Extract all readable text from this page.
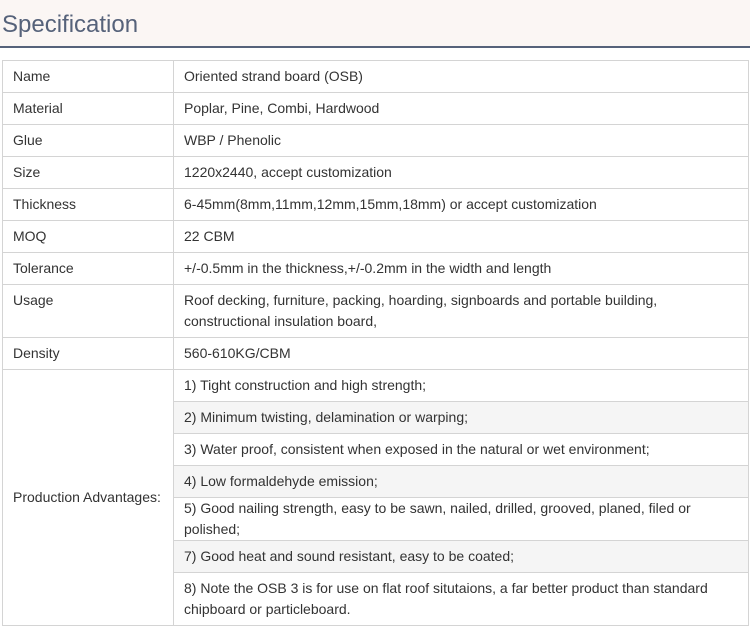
Specification
Name	Oriented strand board (OSB)
Material	Poplar, Pine, Combi, Hardwood
Glue	WBP / Phenolic
Size	1220x2440, accept customization
Thickness	6-45mm(8mm,11mm,12mm,15mm,18mm) or accept customization
MOQ	22 CBM
Tolerance	+/-0.5mm in the thickness,+/-0.2mm in the width and length
Usage	Roof decking, furniture, packing, hoarding, signboards and portable building, constructional insulation board,
Density	560-610KG/CBM
Production Advantages:	1) Tight construction and high strength;
	2) Minimum twisting, delamination or warping;
	3) Water proof, consistent when exposed in the natural or wet environment;
	4) Low formaldehyde emission;
	5) Good nailing strength, easy to be sawn, nailed, drilled, grooved, planed, filed or polished;
	7) Good heat and sound resistant, easy to be coated;
	8) Note the OSB 3 is for use on flat roof situtaions, a far better product than standard chipboard or particleboard.
